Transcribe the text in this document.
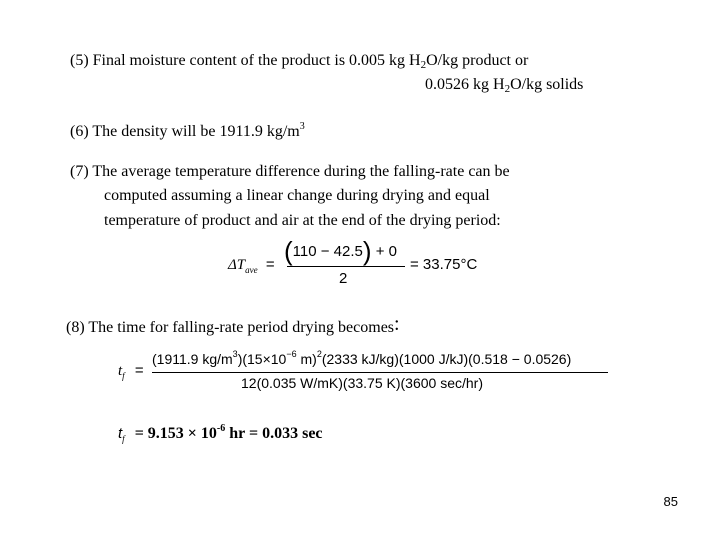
(5) Final moisture content of the product is 0.005 kg $H_2O/kg$ product or
0.0526 kg $H_2O/kg$ solids
(6) The density will be 1911.9 $kg/m^3$
(7) The average temperature difference during the falling-rate can be
computed assuming a linear change during drying and equal
temperature of product and air at the end of the drying period:
$\Delta T_{ave} = (110 - 42.5) + 0$
2
= 33.75°C
(8) The time for falling-rate period drying becomes:
$t_f$ =
(1911.9 $kg/m^3)(15\times 10^{-6}$ m)$^2$(2333 kJ/kg)(1000 J/kJ)(0.518 − 0.0526)
12(0.035 W/mK)(33.75 K)(3600 sec/hr)
$t_f = 9.153 \times 10^{-6}$ hr = 0.033 sec
85
